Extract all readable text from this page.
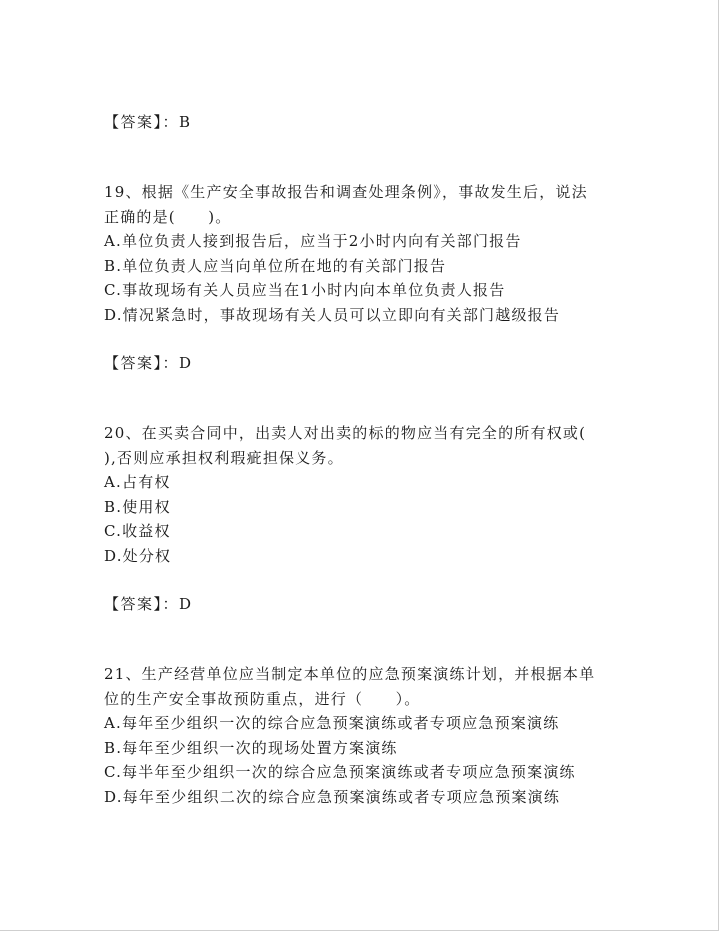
【答案】：B
19、根据《生产安全事故报告和调查处理条例》，事故发生后，说法
正确的是(　　)。
A.单位负责人接到报告后，应当于2小时内向有关部门报告
B.单位负责人应当向单位所在地的有关部门报告
C.事故现场有关人员应当在1小时内向本单位负责人报告
D.情况紧急时，事故现场有关人员可以立即向有关部门越级报告
【答案】：D
20、在买卖合同中，出卖人对出卖的标的物应当有完全的所有权或(
),否则应承担权利瑕疵担保义务。
A.占有权
B.使用权
C.收益权
D.处分权
【答案】：D
21、生产经营单位应当制定本单位的应急预案演练计划，并根据本单
位的生产安全事故预防重点，进行（　　）。
A.每年至少组织一次的综合应急预案演练或者专项应急预案演练
B.每年至少组织一次的现场处置方案演练
C.每半年至少组织一次的综合应急预案演练或者专项应急预案演练
D.每年至少组织二次的综合应急预案演练或者专项应急预案演练
